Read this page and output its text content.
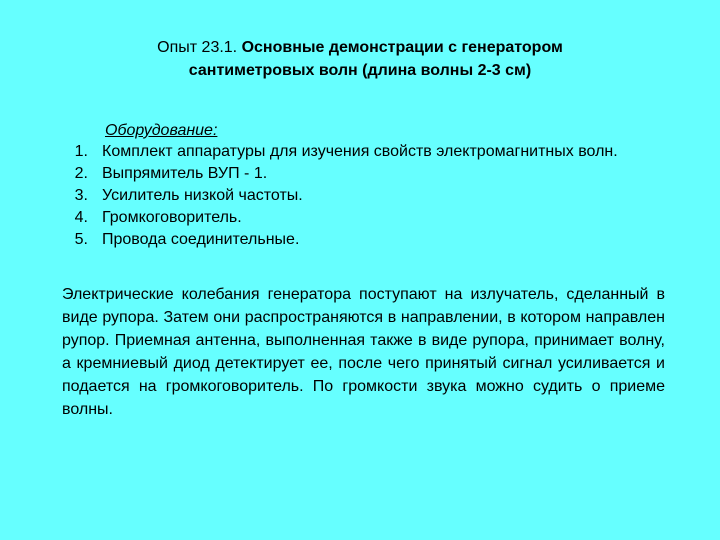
Опыт 23.1. Основные демонстрации с генератором
сантиметровых волн (длина волны 2-3 см)
Оборудование:
1. Комплект аппаратуры для изучения свойств электромагнитных волн.
2. Выпрямитель ВУП - 1.
3. Усилитель низкой частоты.
4. Громкоговоритель.
5. Провода соединительные.
Электрические колебания генератора поступают на излучатель, сделанный в виде рупора. Затем они распространяются в направлении, в котором направлен рупор. Приемная антенна, выполненная также в виде рупора, принимает волну, а кремниевый диод детектирует ее, после чего принятый сигнал усиливается и подается на громкоговоритель. По громкости звука можно судить о приеме волны.
